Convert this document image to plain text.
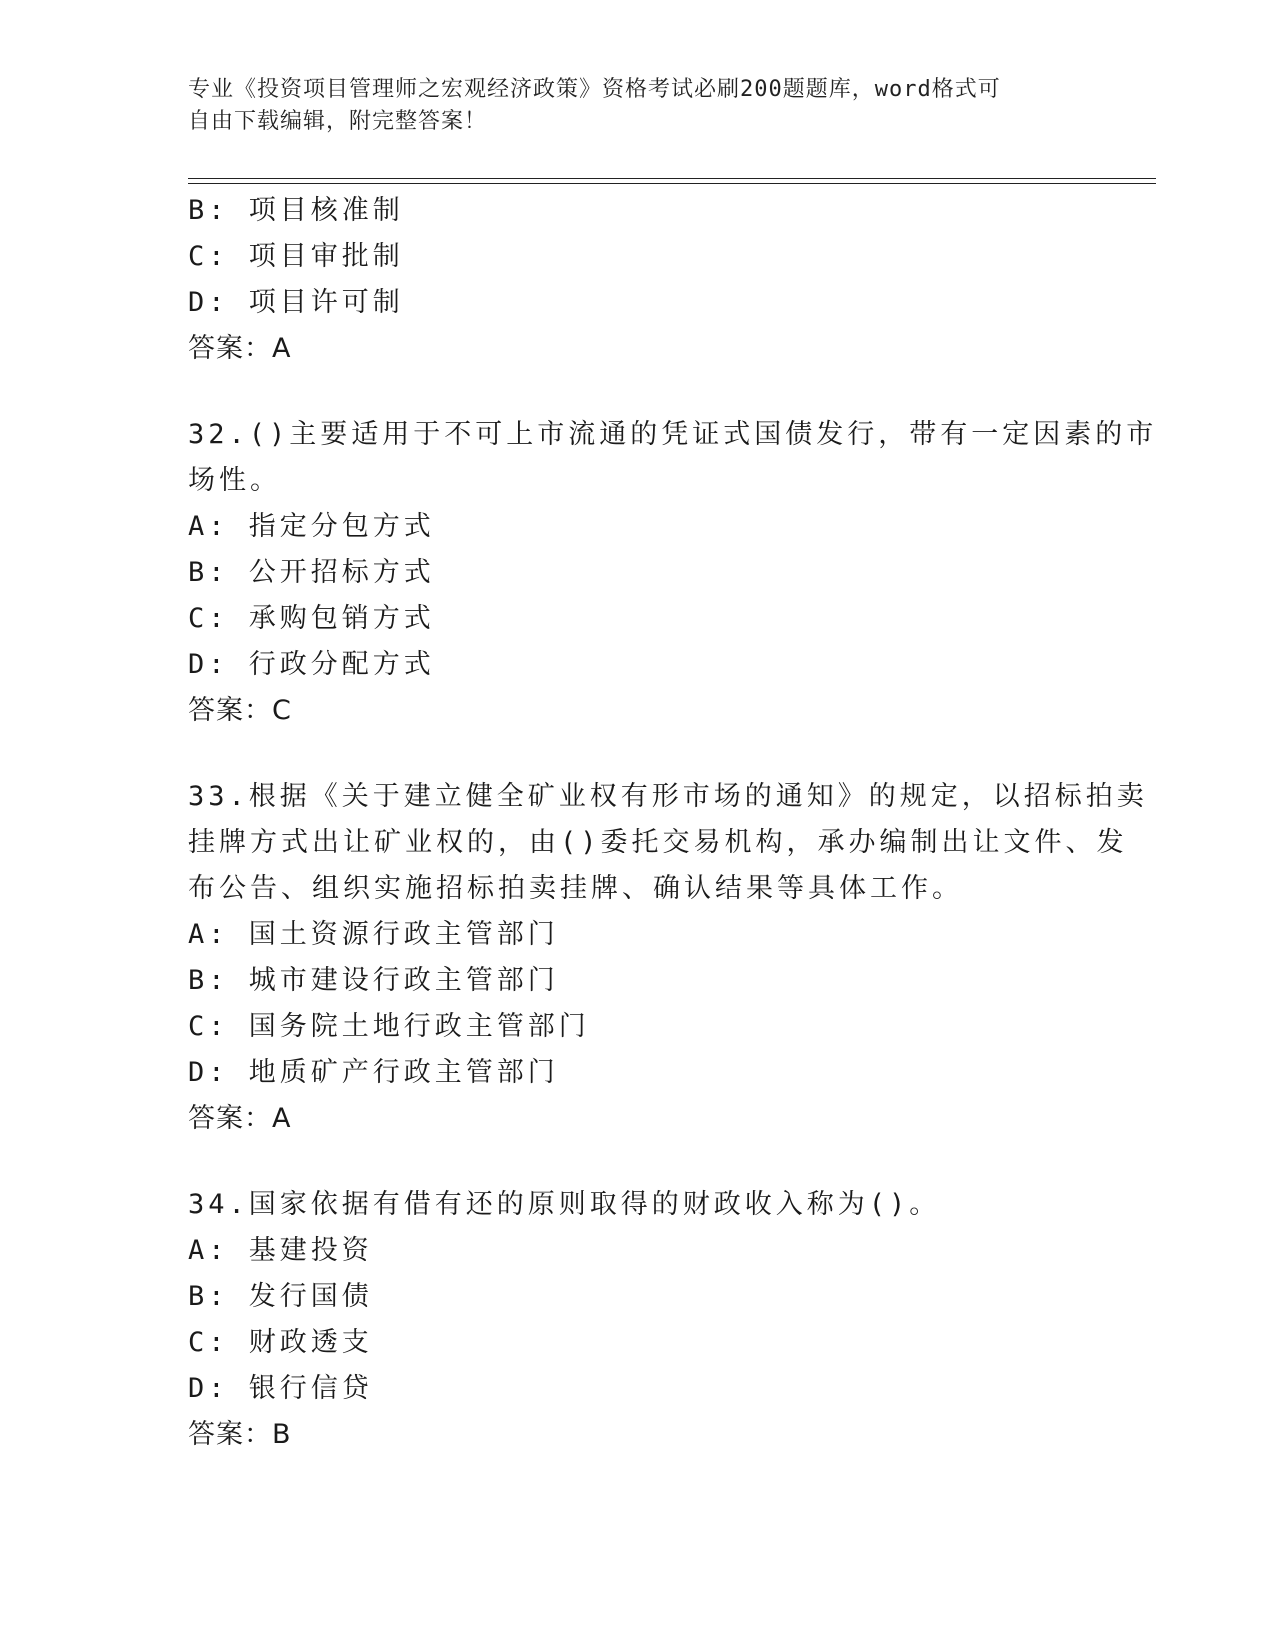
专业《投资项目管理师之宏观经济政策》资格考试必刷200题题库，word格式可
自由下载编辑，附完整答案！
B: 项目核准制
C: 项目审批制
D: 项目许可制
答案：A
32.()主要适用于不可上市流通的凭证式国债发行，带有一定因素的市
场性。
A: 指定分包方式
B: 公开招标方式
C: 承购包销方式
D: 行政分配方式
答案：C
33.根据《关于建立健全矿业权有形市场的通知》的规定，以招标拍卖
挂牌方式出让矿业权的，由()委托交易机构，承办编制出让文件、发
布公告、组织实施招标拍卖挂牌、确认结果等具体工作。
A: 国土资源行政主管部门
B: 城市建设行政主管部门
C: 国务院土地行政主管部门
D: 地质矿产行政主管部门
答案：A
34.国家依据有借有还的原则取得的财政收入称为()。
A: 基建投资
B: 发行国债
C: 财政透支
D: 银行信贷
答案：B
